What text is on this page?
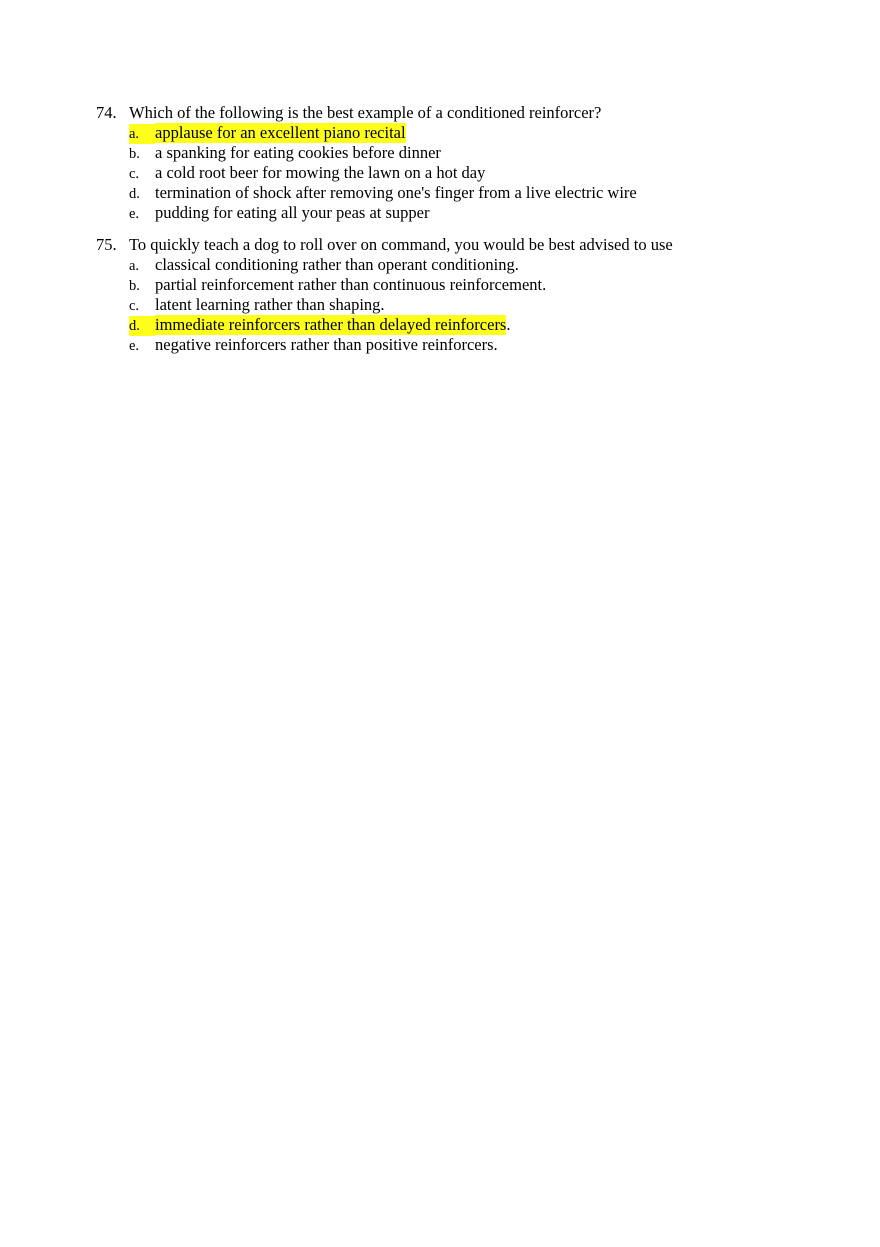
74. Which of the following is the best example of a conditioned reinforcer?
a. applause for an excellent piano recital
b. a spanking for eating cookies before dinner
c. a cold root beer for mowing the lawn on a hot day
d. termination of shock after removing one's finger from a live electric wire
e. pudding for eating all your peas at supper
75. To quickly teach a dog to roll over on command, you would be best advised to use
a. classical conditioning rather than operant conditioning.
b. partial reinforcement rather than continuous reinforcement.
c. latent learning rather than shaping.
d. immediate reinforcers rather than delayed reinforcers .
e. negative reinforcers rather than positive reinforcers.
